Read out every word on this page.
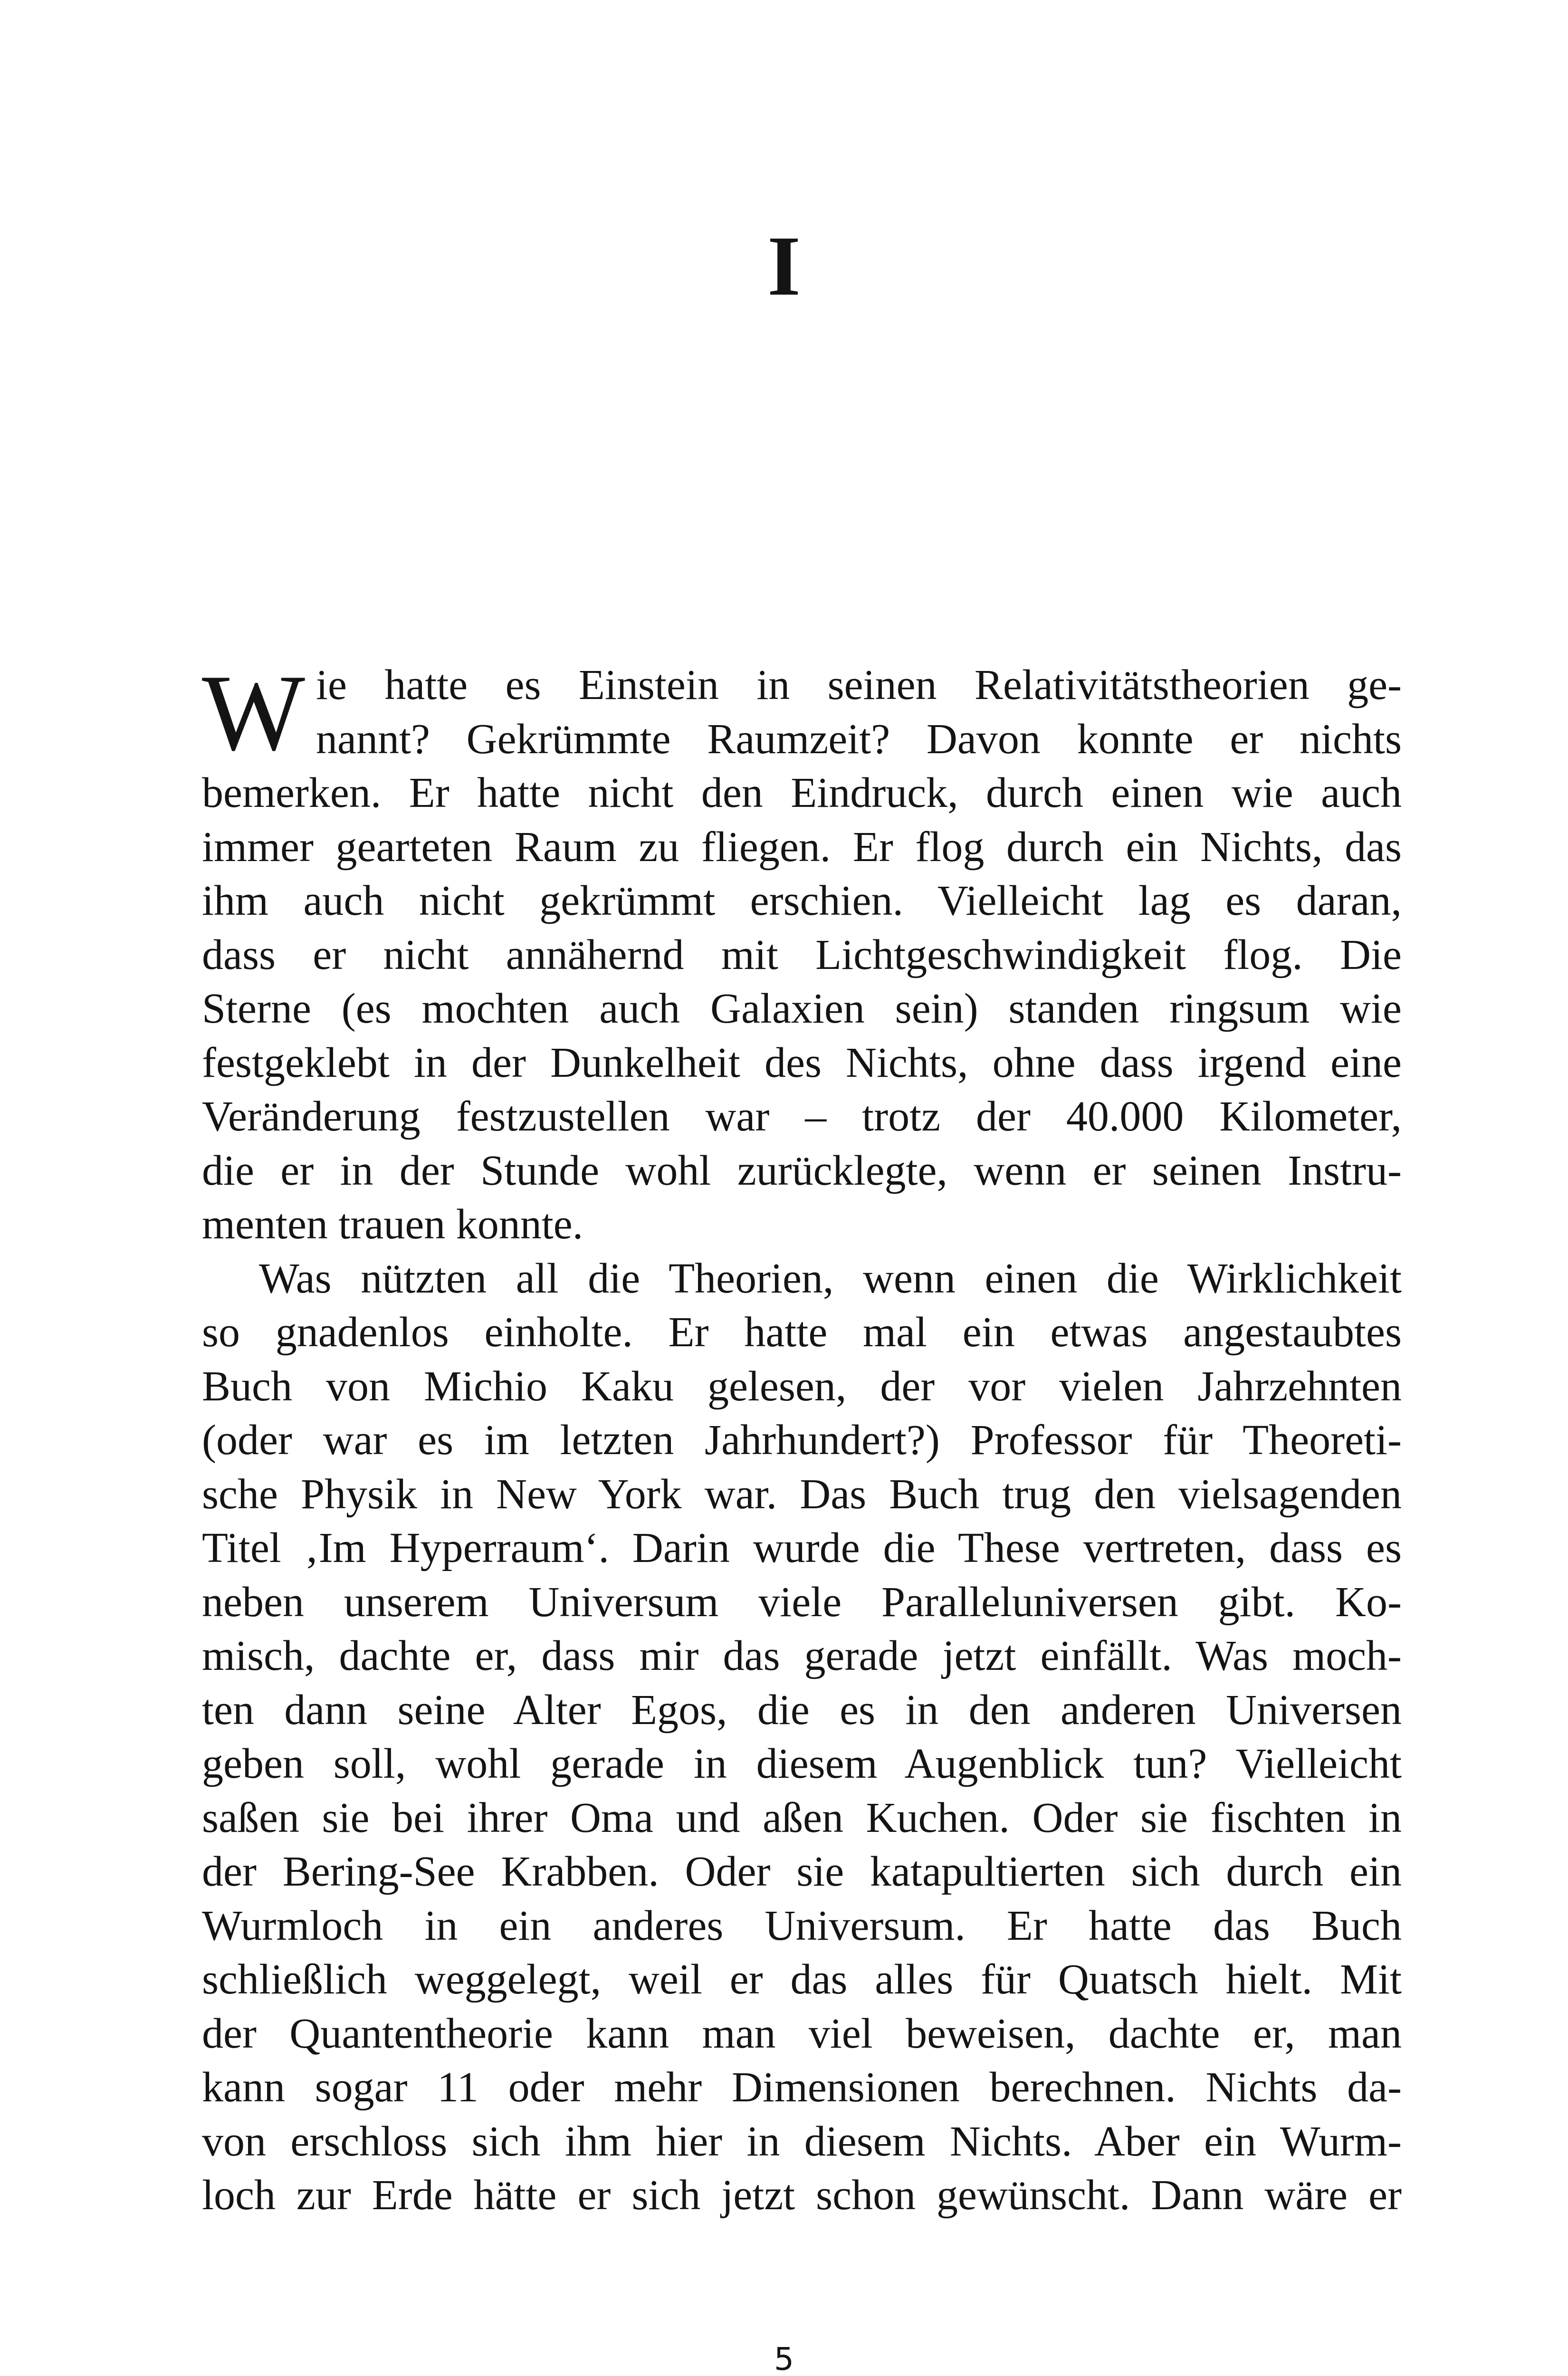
I
W ie hatte es Einstein in seinen Relativitätstheorien ge-
nannt? Gekrümmte Raumzeit? Davon konnte er nichts
bemerken. Er hatte nicht den Eindruck, durch einen wie auch
immer gearteten Raum zu fliegen. Er flog durch ein Nichts, das
ihm auch nicht gekrümmt erschien. Vielleicht lag es daran,
dass er nicht annähernd mit Lichtgeschwindigkeit flog. Die
Sterne (es mochten auch Galaxien sein) standen ringsum wie
festgeklebt in der Dunkelheit des Nichts, ohne dass irgend eine
Veränderung festzustellen war – trotz der 40.000 Kilometer,
die er in der Stunde wohl zurücklegte, wenn er seinen Instru-
menten trauen konnte.
Was nützten all die Theorien, wenn einen die Wirklichkeit
so gnadenlos einholte. Er hatte mal ein etwas angestaubtes
Buch von Michio Kaku gelesen, der vor vielen Jahrzehnten
(oder war es im letzten Jahrhundert?) Professor für Theoreti-
sche Physik in New York war. Das Buch trug den vielsagenden
Titel ‚Im Hyperraum‘. Darin wurde die These vertreten, dass es
neben unserem Universum viele Paralleluniversen gibt. Ko-
misch, dachte er, dass mir das gerade jetzt einfällt. Was moch-
ten dann seine Alter Egos, die es in den anderen Universen
geben soll, wohl gerade in diesem Augenblick tun? Vielleicht
saßen sie bei ihrer Oma und aßen Kuchen. Oder sie fischten in
der Bering-See Krabben. Oder sie katapultierten sich durch ein
Wurmloch in ein anderes Universum. Er hatte das Buch
schließlich weggelegt, weil er das alles für Quatsch hielt. Mit
der Quantentheorie kann man viel beweisen, dachte er, man
kann sogar 11 oder mehr Dimensionen berechnen. Nichts da-
von erschloss sich ihm hier in diesem Nichts. Aber ein Wurm-
loch zur Erde hätte er sich jetzt schon gewünscht. Dann wäre er
5
